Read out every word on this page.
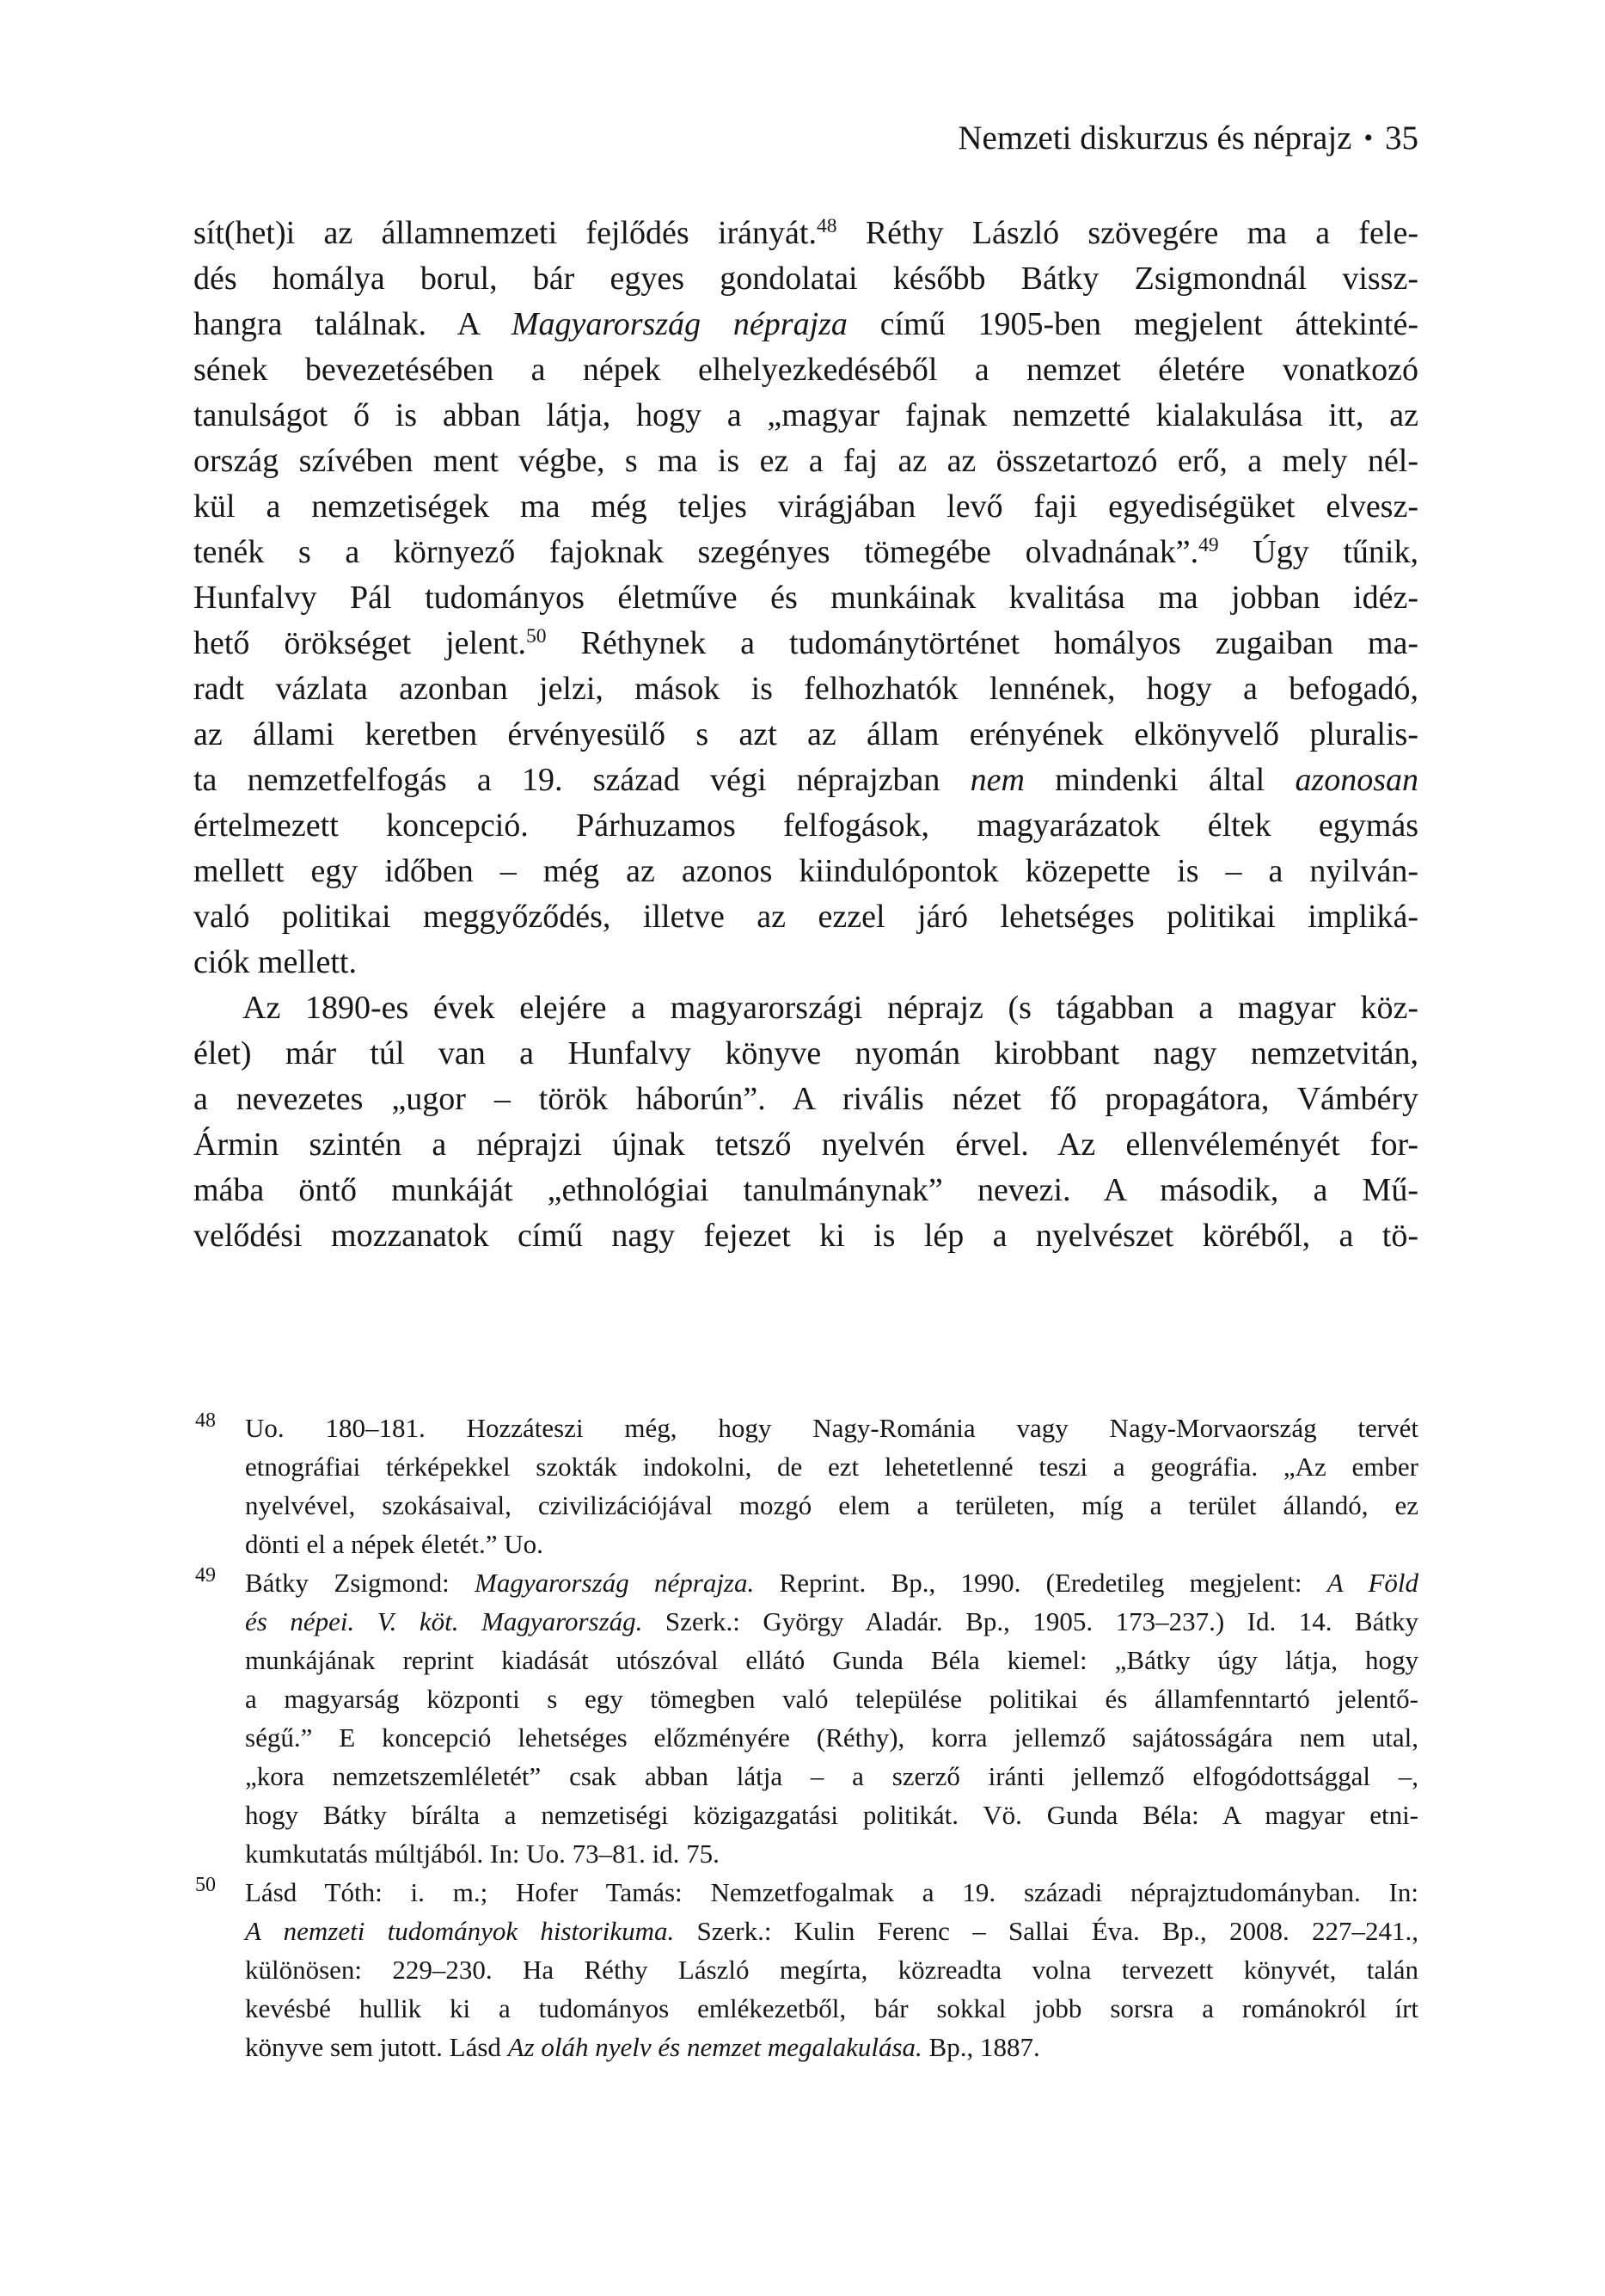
Nemzeti diskurzus és néprajz • 35
sít(het)i az államnemzeti fejlődés irányát.$^{48}$ Réthy László szövegére ma a fele-
dés homálya borul, bár egyes gondolatai később Bátky Zsigmondnál vissz-
hangra találnak. A Magyarország néprajza című 1905-ben megjelent áttekinté-
sének bevezetésében a népek elhelyezkedéséből a nemzet életére vonatkozó
tanulságot ő is abban látja, hogy a „magyar fajnak nemzetté kialakulása itt, az
ország szívében ment végbe, s ma is ez a faj az az összetartozó erő, a mely nél-
kül a nemzetiségek ma még teljes virágjában levő faji egyediségüket elvesz-
tenék s a környező fajoknak szegényes tömegébe olvadnának”.$^{49}$ Úgy tűnik,
Hunfalvy Pál tudományos életműve és munkáinak kvalitása ma jobban idéz-
hető örökséget jelent.$^{50}$ Réthynek a tudománytörténet homályos zugaiban ma-
radt vázlata azonban jelzi, mások is felhozhatók lennének, hogy a befogadó,
az állami keretben érvényesülő s azt az állam erényének elkönyvelő pluralis-
ta nemzetfelfogás a 19. század végi néprajzban nem mindenki által azonosan
értelmezett koncepció. Párhuzamos felfogások, magyarázatok éltek egymás
mellett egy időben – még az azonos kiindulópontok közepette is – a nyilván-
való politikai meggyőződés, illetve az ezzel járó lehetséges politikai impliká-
ciók mellett.
Az 1890-es évek elejére a magyarországi néprajz (s tágabban a magyar köz-
élet) már túl van a Hunfalvy könyve nyomán kirobbant nagy nemzetvitán,
a nevezetes „ugor – török háborún”. A rivális nézet fő propagátora, Vámbéry
Ármin szintén a néprajzi újnak tetsző nyelvén érvel. Az ellenvéleményét for-
mába öntő munkáját „ethnológiai tanulmánynak” nevezi. A második, a Mű-
velődési mozzanatok című nagy fejezet ki is lép a nyelvészet köréből, a tö-
48 Uo. 180–181. Hozzáteszi még, hogy Nagy-Románia vagy Nagy-Morvaország tervét
etnográfiai térképekkel szokták indokolni, de ezt lehetetlenné teszi a geográfia. „Az ember
nyelvével, szokásaival, czivilizációjával mozgó elem a területen, míg a terület állandó, ez
dönti el a népek életét.” Uo.
49 Bátky Zsigmond: Magyarország néprajza. Reprint. Bp., 1990. (Eredetileg megjelent: A Föld
és népei. V. köt. Magyarország. Szerk.: György Aladár. Bp., 1905. 173–237.) Id. 14. Bátky
munkájának reprint kiadását utószóval ellátó Gunda Béla kiemel: „Bátky úgy látja, hogy
a magyarság központi s egy tömegben való települése politikai és államfenntartó jelentő-
ségű.” E koncepció lehetséges előzményére (Réthy), korra jellemző sajátosságára nem utal,
„kora nemzetszemléletét” csak abban látja – a szerző iránti jellemző elfogódottsággal –,
hogy Bátky bírálta a nemzetiségi közigazgatási politikát. Vö. Gunda Béla: A magyar etni-
kumkutatás múltjából. In: Uo. 73–81. id. 75.
50 Lásd Tóth: i. m.; Hofer Tamás: Nemzetfogalmak a 19. századi néprajztudományban. In:
A nemzeti tudományok historikuma. Szerk.: Kulin Ferenc – Sallai Éva. Bp., 2008. 227–241.,
különösen: 229–230. Ha Réthy László megírta, közreadta volna tervezett könyvét, talán
kevésbé hullik ki a tudományos emlékezetből, bár sokkal jobb sorsra a románokról írt
könyve sem jutott. Lásd Az oláh nyelv és nemzet megalakulása. Bp., 1887.
